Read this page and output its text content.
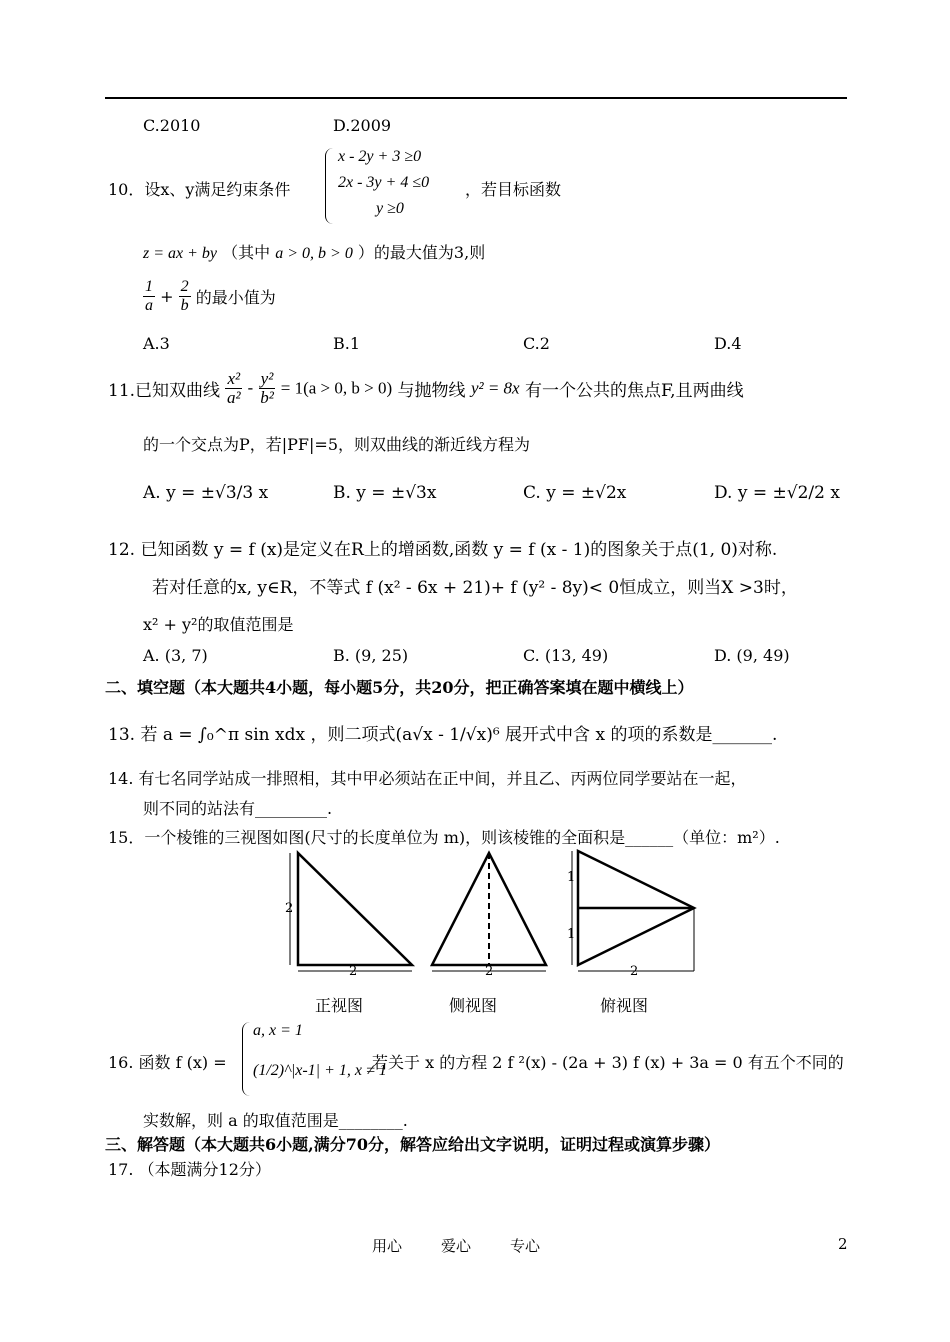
C.2010	D.2009
10．设x、y满足约束条件
x - 2y + 3 ≥0
2x - 3y + 4 ≤0
y ≥0
，若目标函数
z = ax + by （其中 a > 0, b > 0 ）的最大值为3,则
$\frac{1}{a} + \frac{2}{b}$ 的最小值为
A.3	B.1	C.2	D.4
11.已知双曲线 $\frac{\text{x²}}{\text{a²}} - \frac{\text{y²}}{\text{b²}} = 1(a > 0$, b > 0) 与抛物线 y² = 8x 有一个公共的焦点F,且两曲线
的一个交点为P，若|PF|=5，则双曲线的渐近线方程为
A. y = ±√3/3 x	B. y = ±√3x	C. y = ±√2x	D. y = ±√2/2 x
12. 已知函数 y = f (x)是定义在R上的增函数,函数 y = f (x - 1)的图象关于点(1, 0)对称.
若对任意的x, y∈R，不等式 f (x² - 6x + 21)+ f (y² - 8y)< 0恒成立，则当X >3时，
x² + y²的取值范围是
A. (3, 7)	B. (9, 25)	C. (13, 49)	D. (9, 49)
二、填空题（本大题共4小题，每小题5分，共20分，把正确答案填在题中横线上）
13. 若 a = ∫₀^π sin xdx ，则二项式(a√x - 1/√x)⁶ 展开式中含 x 的项的系数是_______.
14. 有七名同学站成一排照相，其中甲必须站在正中间，并且乙、丙两位同学要站在一起，
则不同的站法有_________.
15．一个棱锥的三视图如图(尺寸的长度单位为 m)，则该棱锥的全面积是______（单位：m²）.
2
2	2
1
1
2
正视图	侧视图	俯视图
16. 函数 f (x) =
a, x = 1
(1/2)^|x-1| + 1, x ≠ 1
若关于 x 的方程 2 f ²(x) - (2a + 3) f (x) + 3a = 0 有五个不同的
实数解，则 a 的取值范围是________.
三、解答题（本大题共6小题,满分70分，解答应给出文字说明，证明过程或演算步骤）
17. （本题满分12分）
用心	爱心	专心	2
